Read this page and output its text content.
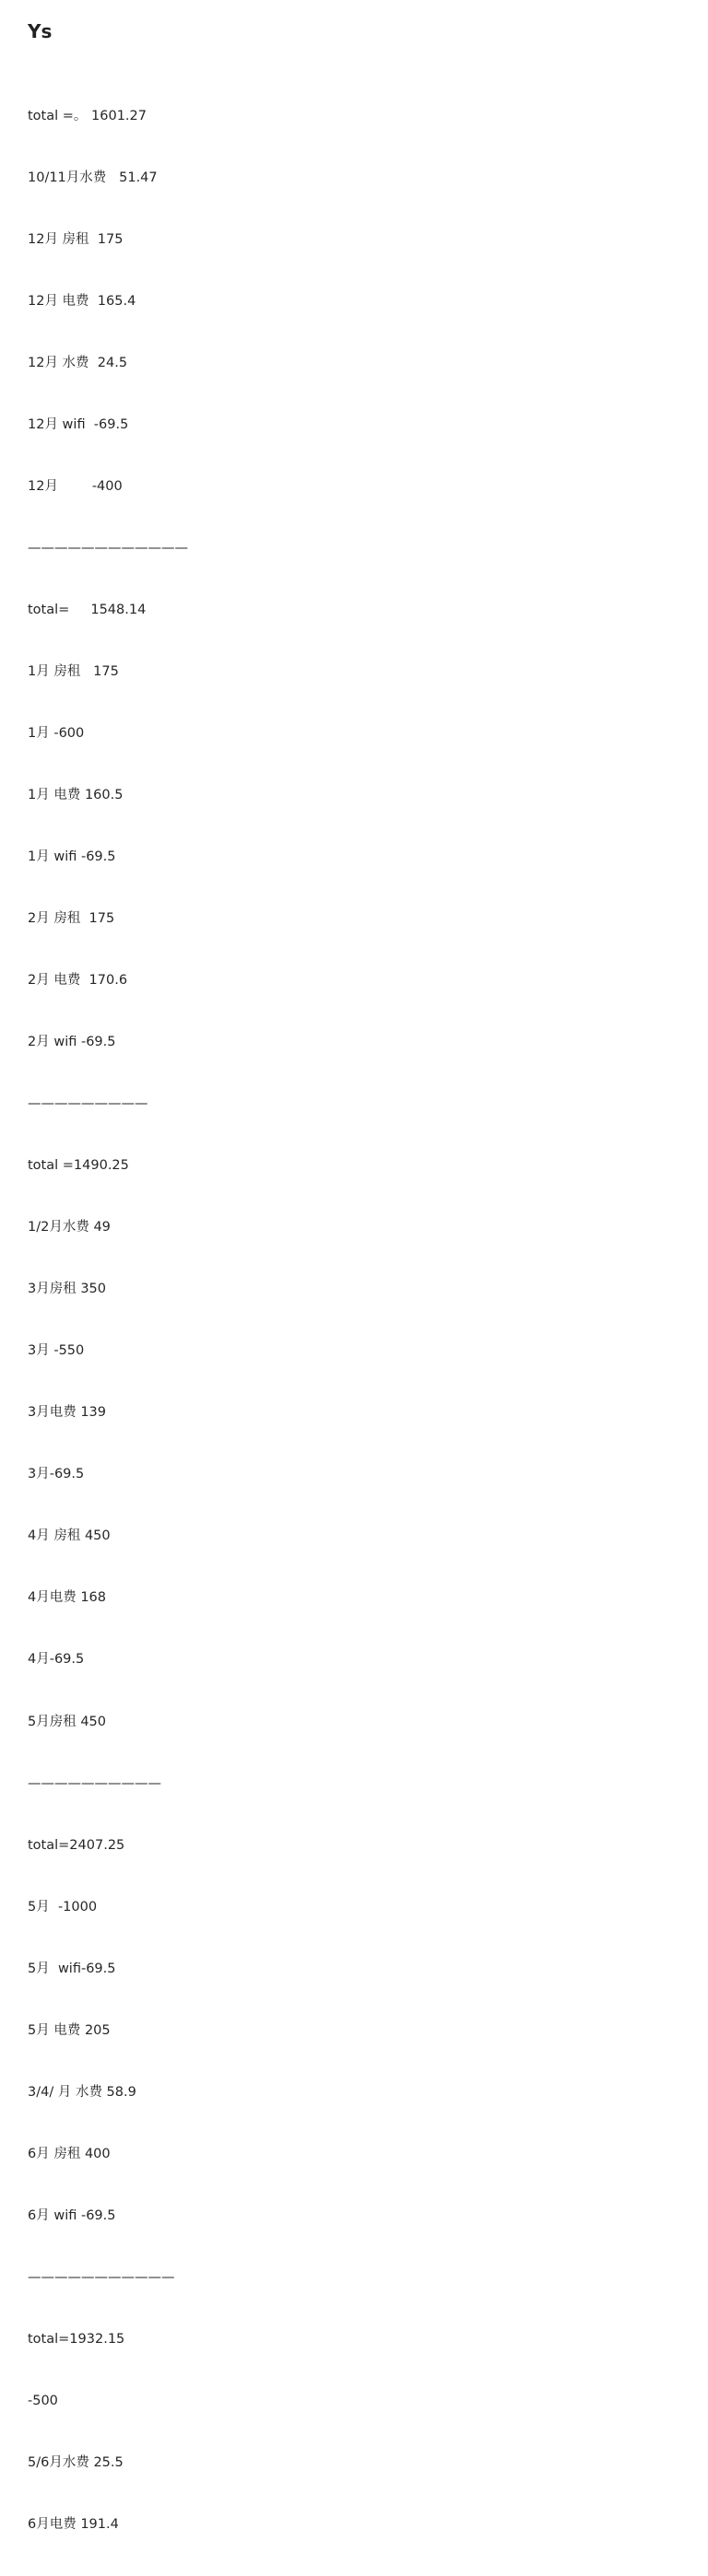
Ys

total =。 1601.27

10/11月水费   51.47

12月 房租  175

12月 电费  165.4

12月 水费  24.5

12月 wifi  -69.5

12月        -400

————————————

total=     1548.14

1月 房租   175

1月 -600

1月 电费 160.5

1月 wifi -69.5

2月 房租  175

2月 电费  170.6

2月 wifi -69.5

—————————

total =1490.25

1/2月水费 49

3月房租 350

3月 -550

3月电费 139

3月-69.5

4月 房租 450

4月电费 168

4月-69.5

5月房租 450

——————————

total=2407.25

5月  -1000

5月  wifi-69.5

5月 电费 205

3/4/ 月 水费 58.9

6月 房租 400

6月 wifi -69.5

———————————

total=1932.15

-500

5/6月水费 25.5

6月电费 191.4
